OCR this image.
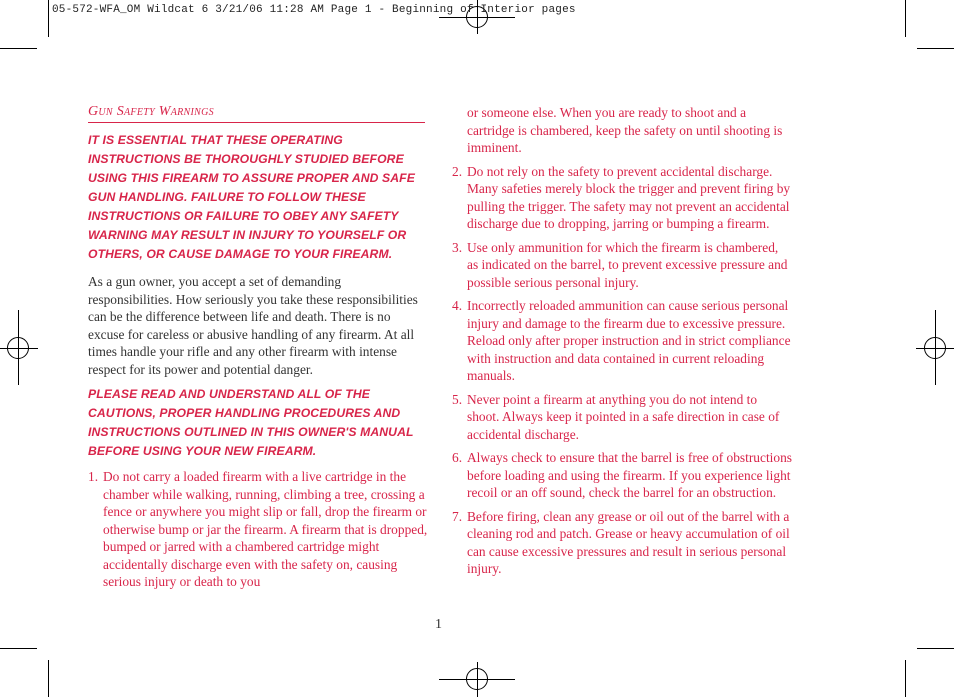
05-572-WFA_OM Wildcat 6 3/21/06 11:28 AM Page 1 - Beginning of Interior pages
Gun Safety Warnings
IT IS ESSENTIAL THAT THESE OPERATING INSTRUCTIONS BE THOROUGHLY STUDIED BEFORE USING THIS FIREARM TO ASSURE PROPER AND SAFE GUN HANDLING. FAILURE TO FOLLOW THESE INSTRUCTIONS OR FAILURE TO OBEY ANY SAFETY WARNING MAY RESULT IN INJURY TO YOURSELF OR OTHERS, OR CAUSE DAMAGE TO YOUR FIREARM.
As a gun owner, you accept a set of demanding responsibilities. How seriously you take these responsibilities can be the difference between life and death. There is no excuse for careless or abusive handling of any firearm. At all times handle your rifle and any other firearm with intense respect for its power and potential danger.
PLEASE READ AND UNDERSTAND ALL OF THE CAUTIONS, PROPER HANDLING PROCEDURES AND INSTRUCTIONS OUTLINED IN THIS OWNER'S MANUAL BEFORE USING YOUR NEW FIREARM.
1. Do not carry a loaded firearm with a live cartridge in the chamber while walking, running, climbing a tree, crossing a fence or anywhere you might slip or fall, drop the firearm or otherwise bump or jar the firearm. A firearm that is dropped, bumped or jarred with a chambered cartridge might accidentally discharge even with the safety on, causing serious injury or death to you
or someone else. When you are ready to shoot and a cartridge is chambered, keep the safety on until shooting is imminent.
2. Do not rely on the safety to prevent accidental discharge. Many safeties merely block the trigger and prevent firing by pulling the trigger. The safety may not prevent an accidental discharge due to dropping, jarring or bumping a firearm.
3. Use only ammunition for which the firearm is chambered, as indicated on the barrel, to prevent excessive pressure and possible serious personal injury.
4. Incorrectly reloaded ammunition can cause serious personal injury and damage to the firearm due to excessive pressure. Reload only after proper instruction and in strict compliance with instruction and data contained in current reloading manuals.
5. Never point a firearm at anything you do not intend to shoot. Always keep it pointed in a safe direction in case of accidental discharge.
6. Always check to ensure that the barrel is free of obstructions before loading and using the firearm. If you experience light recoil or an off sound, check the barrel for an obstruction.
7. Before firing, clean any grease or oil out of the barrel with a cleaning rod and patch. Grease or heavy accumulation of oil can cause excessive pressures and result in serious personal injury.
1
